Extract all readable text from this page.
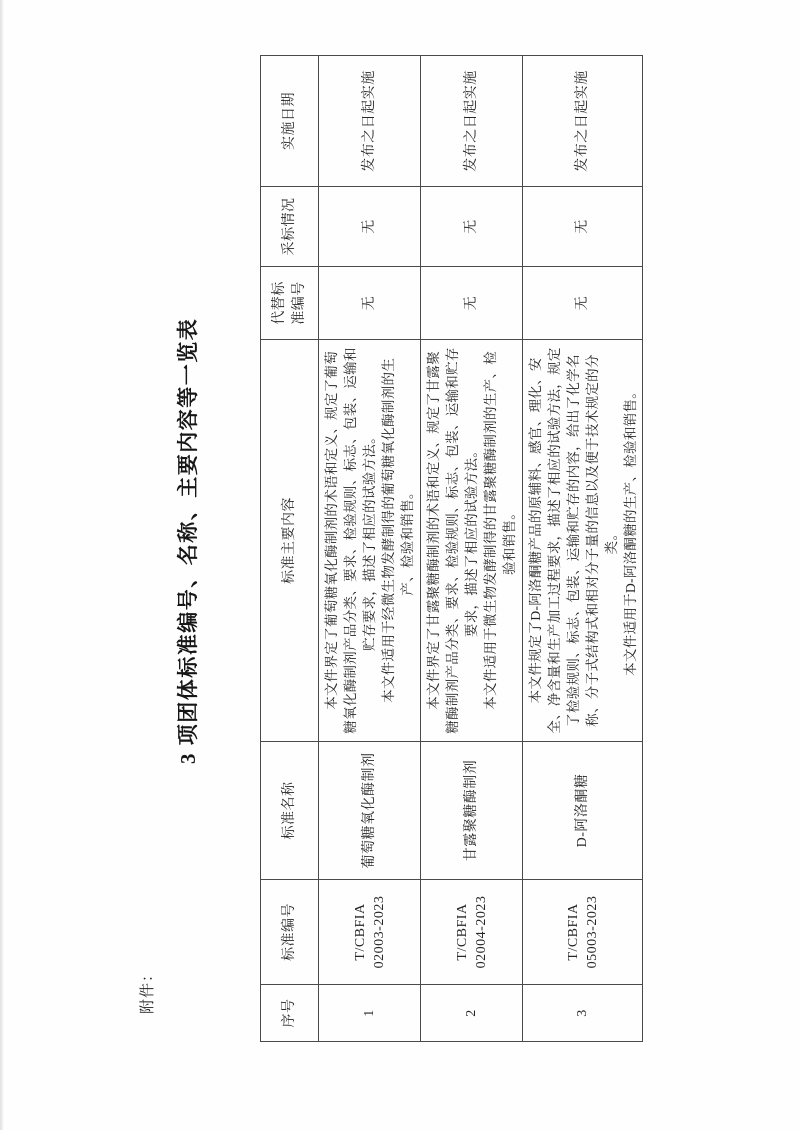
附件：
3 项团体标准编号、名称、主要内容等一览表
序号	标准编号	标准名称	标准主要内容	代替标准编号	采标情况	实施日期
1	T/CBFIA 02003-2023	葡萄糖氧化酶制剂	本文件界定了葡萄糖氧化酶制剂的术语和定义、规定了葡萄糖氧化酶制剂产品分类、要求、检验规则、标志、包装、运输和贮存要求，描述了相应的试验方法。 本文件适用于经微生物发酵制得的葡萄糖氧化酶制剂的生产、检验和销售。	无	无	发布之日起实施
2	T/CBFIA 02004-2023	甘露聚糖酶制剂	本文件界定了甘露聚糖酶制剂的术语和定义、规定了甘露聚糖酶制剂产品分类、要求、检验规则、标志、包装、运输和贮存要求，描述了相应的试验方法。 本文件适用于微生物发酵制得的甘露聚糖酶制剂的生产、检验和销售。	无	无	发布之日起实施
3	T/CBFIA 05003-2023	D-阿洛酮糖	本文件规定了D-阿洛酮糖产品的原辅料、感官、理化、安全、净含量和生产加工过程要求，描述了相应的试验方法，规定了检验规则、标志、包装、运输和贮存的内容，给出了化学名称、分子式结构式和相对分子量的信息以及便于技术规定的分类。 本文件适用于D-阿洛酮糖的生产、检验和销售。	无	无	发布之日起实施
